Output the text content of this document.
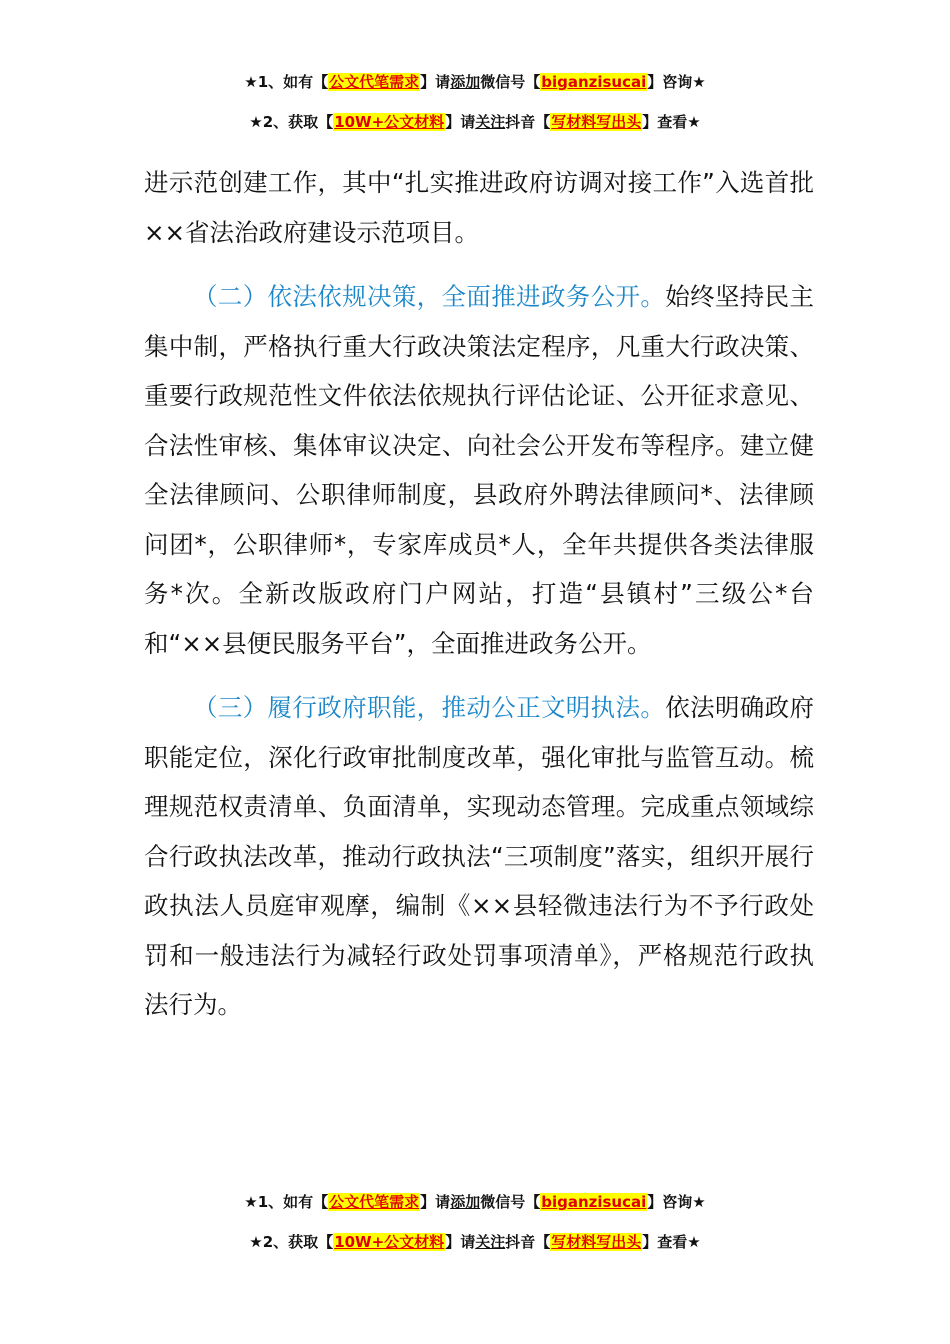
★1、如有【公文代笔需求】请添加微信号【biganzisucai】咨询★
★2、获取【10W+公文材料】请关注抖音【写材料写出头】查看★

进示范创建工作，其中“扎实推进政府访调对接工作”入选首批××省法治政府建设示范项目。

（二）依法依规决策，全面推进政务公开。始终坚持民主集中制，严格执行重大行政决策法定程序，凡重大行政决策、重要行政规范性文件依法依规执行评估论证、公开征求意见、合法性审核、集体审议决定、向社会公开发布等程序。建立健全法律顾问、公职律师制度，县政府外聘法律顾问*、法律顾问团*，公职律师*，专家库成员*人，全年共提供各类法律服务*次。全新改版政府门户网站，打造“县镇村”三级公*台和“××县便民服务平台”，全面推进政务公开。

（三）履行政府职能，推动公正文明执法。依法明确政府职能定位，深化行政审批制度改革，强化审批与监管互动。梳理规范权责清单、负面清单，实现动态管理。完成重点领域综合行政执法改革，推动行政执法“三项制度”落实，组织开展行政执法人员庭审观摩，编制《××县轻微违法行为不予行政处罚和一般违法行为减轻行政处罚事项清单》，严格规范行政执法行为。

★1、如有【公文代笔需求】请添加微信号【biganzisucai】咨询★
★2、获取【10W+公文材料】请关注抖音【写材料写出头】查看★
